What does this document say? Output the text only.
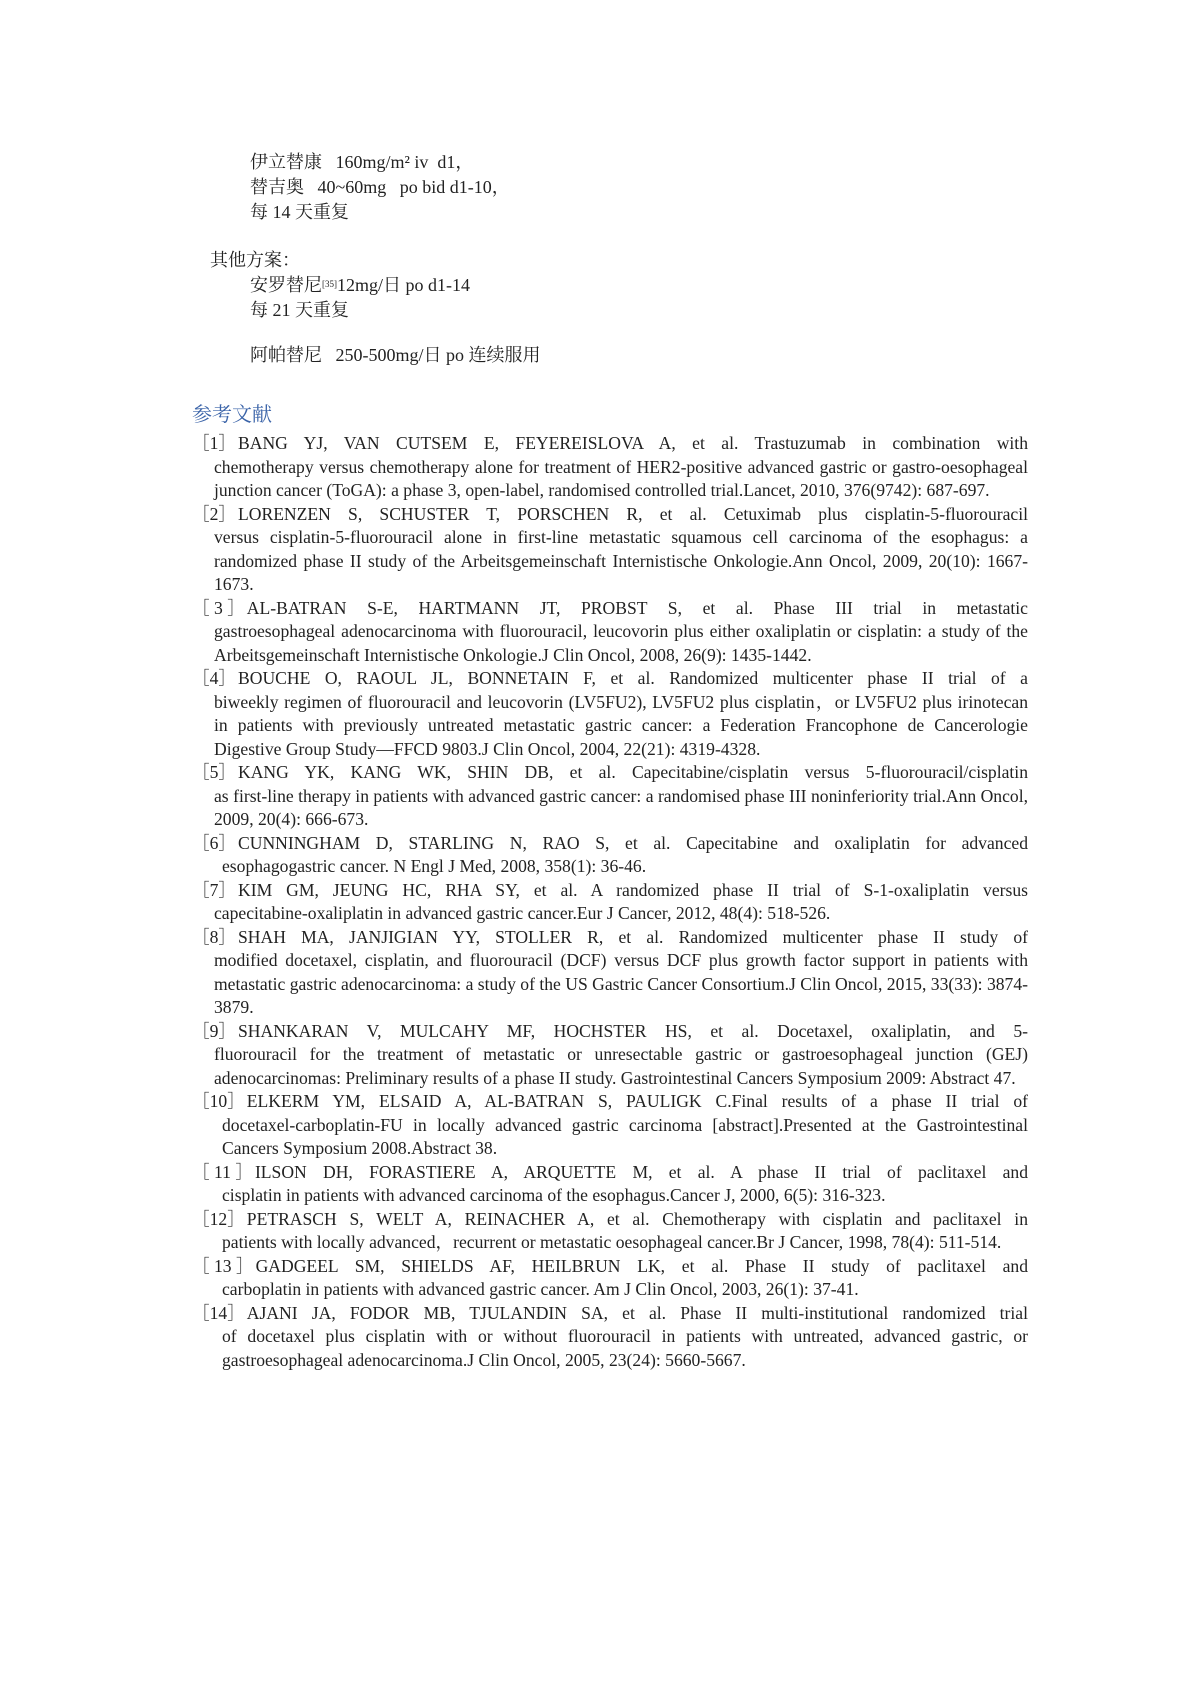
伊立替康   160mg/m² iv  d1，
替吉奥   40~60mg   po bid d1-10，
每 14 天重复
其他方案：
安罗替尼[35]12mg/日 po d1-14
每 21 天重复
阿帕替尼   250-500mg/日 po 连续服用
参考文献
［1］ BANG YJ, VAN CUTSEM E, FEYEREISLOVA A, et al. Trastuzumab in combination with
chemotherapy versus chemotherapy alone for treatment of HER2-positive advanced gastric or gastro-oesophageal junction cancer (ToGA): a phase 3, open-label, randomised controlled trial.Lancet, 2010, 376(9742): 687-697.
［2］ LORENZEN S, SCHUSTER T, PORSCHEN R, et al. Cetuximab plus cisplatin-5-fluorouracil
versus cisplatin-5-fluorouracil alone in first-line metastatic squamous cell carcinoma of the esophagus: a randomized phase II study of the Arbeitsgemeinschaft Internistische Onkologie.Ann Oncol, 2009, 20(10): 1667-1673.
［ 3 ］ AL-BATRAN S-E, HARTMANN JT, PROBST S, et al. Phase III trial in metastatic
gastroesophageal adenocarcinoma with fluorouracil, leucovorin plus either oxaliplatin or cisplatin: a study of the Arbeitsgemeinschaft Internistische Onkologie.J Clin Oncol, 2008, 26(9): 1435-1442.
［4］ BOUCHE O, RAOUL JL, BONNETAIN F, et al. Randomized multicenter phase II trial of a
biweekly regimen of fluorouracil and leucovorin (LV5FU2), LV5FU2 plus cisplatin，or LV5FU2 plus irinotecan in patients with previously untreated metastatic gastric cancer: a Federation Francophone de Cancerologie Digestive Group Study—FFCD 9803.J Clin Oncol, 2004, 22(21): 4319-4328.
［5］ KANG YK, KANG WK, SHIN DB, et al. Capecitabine/cisplatin versus 5-fluorouracil/cisplatin
as first-line therapy in patients with advanced gastric cancer: a randomised phase III noninferiority trial.Ann Oncol, 2009, 20(4): 666-673.
［6］ CUNNINGHAM D, STARLING N, RAO S, et al. Capecitabine and oxaliplatin for advanced
esophagogastric cancer. N Engl J Med, 2008, 358(1): 36-46.
［7］ KIM GM, JEUNG HC, RHA SY, et al. A randomized phase II trial of S-1-oxaliplatin versus
capecitabine-oxaliplatin in advanced gastric cancer.Eur J Cancer, 2012, 48(4): 518-526.
［8］ SHAH MA, JANJIGIAN YY, STOLLER R, et al. Randomized multicenter phase II study of
modified docetaxel, cisplatin, and fluorouracil (DCF) versus DCF plus growth factor support in patients with metastatic gastric adenocarcinoma: a study of the US Gastric Cancer Consortium.J Clin Oncol, 2015, 33(33): 3874-3879.
［9］ SHANKARAN V, MULCAHY MF, HOCHSTER HS, et al. Docetaxel, oxaliplatin, and 5-
fluorouracil for the treatment of metastatic or unresectable gastric or gastroesophageal junction (GEJ) adenocarcinomas: Preliminary results of a phase II study. Gastrointestinal Cancers Symposium 2009: Abstract 47.
［10］ ELKERM YM, ELSAID A, AL-BATRAN S, PAULIGK C.Final results of a phase II trial of
docetaxel-carboplatin-FU in locally advanced gastric carcinoma [abstract].Presented at the Gastrointestinal Cancers Symposium 2008.Abstract 38.
［ 11 ］ ILSON DH, FORASTIERE A, ARQUETTE M, et al. A phase II trial of paclitaxel and
cisplatin in patients with advanced carcinoma of the esophagus.Cancer J, 2000, 6(5): 316-323.
［12］ PETRASCH S, WELT A, REINACHER A, et al. Chemotherapy with cisplatin and paclitaxel in
patients with locally advanced，recurrent or metastatic oesophageal cancer.Br J Cancer, 1998, 78(4): 511-514.
［ 13 ］ GADGEEL SM, SHIELDS AF, HEILBRUN LK, et al. Phase II study of paclitaxel and
carboplatin in patients with advanced gastric cancer. Am J Clin Oncol, 2003, 26(1): 37-41.
［14］ AJANI JA, FODOR MB, TJULANDIN SA, et al. Phase II multi-institutional randomized trial
of docetaxel plus cisplatin with or without fluorouracil in patients with untreated, advanced gastric, or gastroesophageal adenocarcinoma.J Clin Oncol, 2005, 23(24): 5660-5667.
